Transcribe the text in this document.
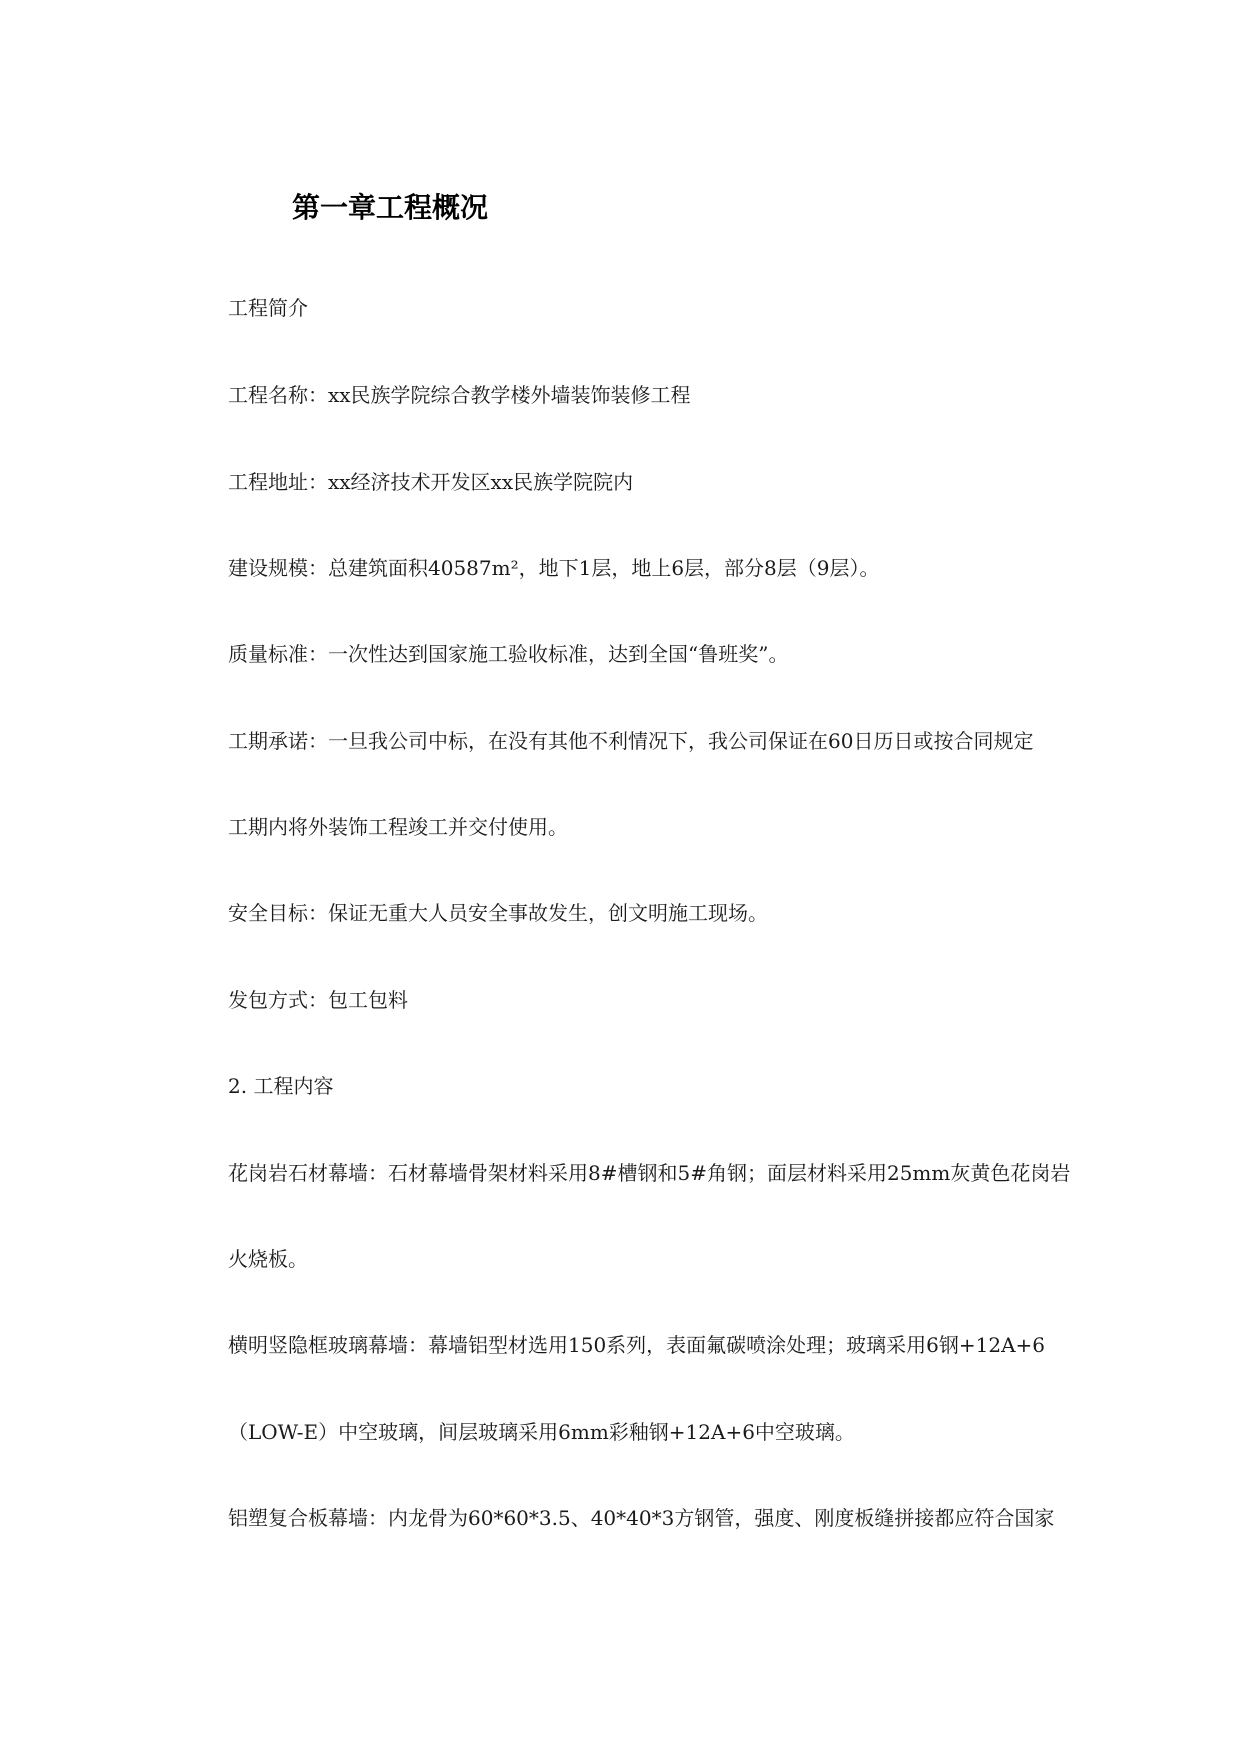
第一章工程概况
工程简介
工程名称：xx民族学院综合教学楼外墙装饰装修工程
工程地址：xx经济技术开发区xx民族学院院内
建设规模：总建筑面积40587m²，地下1层，地上6层，部分8层（9层）。
质量标准：一次性达到国家施工验收标准，达到全国“鲁班奖”。
工期承诺：一旦我公司中标，在没有其他不利情况下，我公司保证在60日历日或按合同规定
工期内将外装饰工程竣工并交付使用。
安全目标：保证无重大人员安全事故发生，创文明施工现场。
发包方式：包工包料
2. 工程内容
花岗岩石材幕墙：石材幕墙骨架材料采用8#槽钢和5#角钢；面层材料采用25mm灰黄色花岗岩
火烧板。
横明竖隐框玻璃幕墙：幕墙铝型材选用150系列，表面氟碳喷涂处理；玻璃采用6钢+12A+6
（LOW-E）中空玻璃，间层玻璃采用6mm彩釉钢+12A+6中空玻璃。
铝塑复合板幕墙：内龙骨为60*60*3.5、40*40*3方钢管，强度、刚度板缝拼接都应符合国家
